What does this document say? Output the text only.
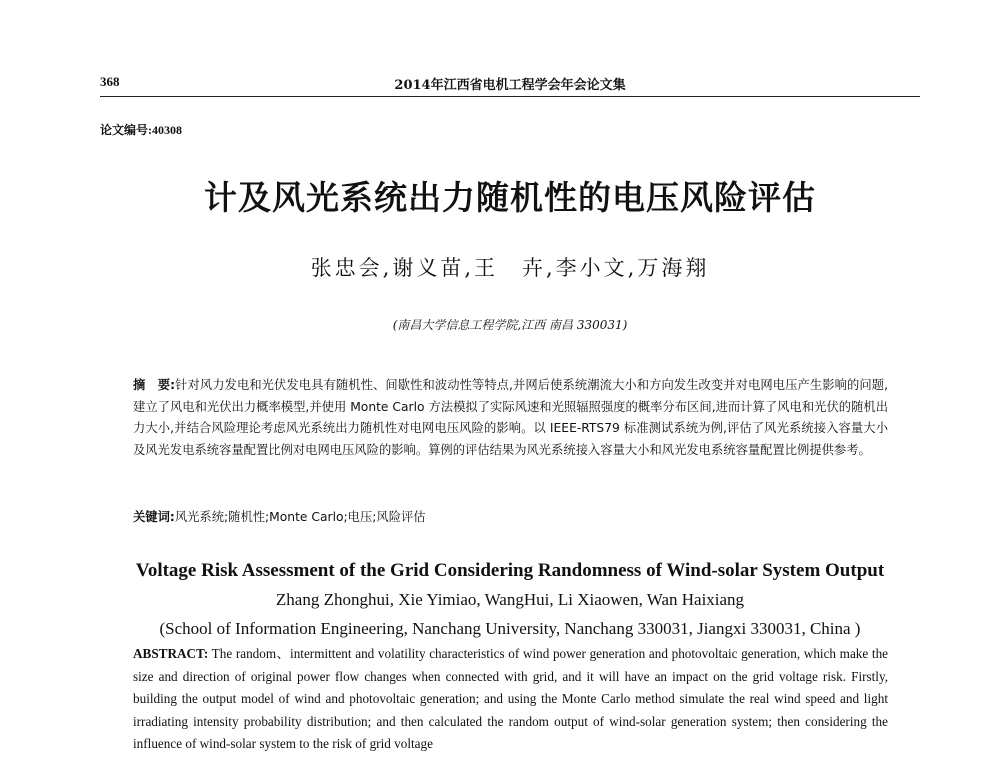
368	2014年江西省电机工程学会年会论文集
论文编号:40308
计及风光系统出力随机性的电压风险评估
张忠会,谢义苗,王　卉,李小文,万海翔
(南昌大学信息工程学院,江西 南昌 330031)
摘　要:针对风力发电和光伏发电具有随机性、间歇性和波动性等特点,并网后使系统潮流大小和方向发生改变并对电网电压产生影响的问题,建立了风电和光伏出力概率模型,并使用 Monte Carlo 方法模拟了实际风速和光照辐照强度的概率分布区间,进而计算了风电和光伏的随机出力大小,并结合风险理论考虑风光系统出力随机性对电网电压风险的影响。以 IEEE-RTS79 标准测试系统为例,评估了风光系统接入容量大小及风光发电系统容量配置比例对电网电压风险的影响。算例的评估结果为风光系统接入容量大小和风光发电系统容量配置比例提供参考。
关键词:风光系统;随机性;Monte Carlo;电压;风险评估
Voltage Risk Assessment of the Grid Considering Randomness of Wind-solar System Output
Zhang Zhonghui, Xie Yimiao, WangHui, Li Xiaowen, Wan Haixiang
(School of Information Engineering, Nanchang University, Nanchang 330031, Jiangxi 330031, China )
ABSTRACT: The random、intermittent and volatility characteristics of wind power generation and photovoltaic generation, which make the size and direction of original power flow changes when connected with grid, and it will have an impact on the grid voltage risk. Firstly, building the output model of wind and photovoltaic generation; and using the Monte Carlo method simulate the real wind speed and light irradiating intensity probability distribution; and then calculated the random output of wind-solar generation system; then considering the influence of wind-solar system to the risk of grid voltage
